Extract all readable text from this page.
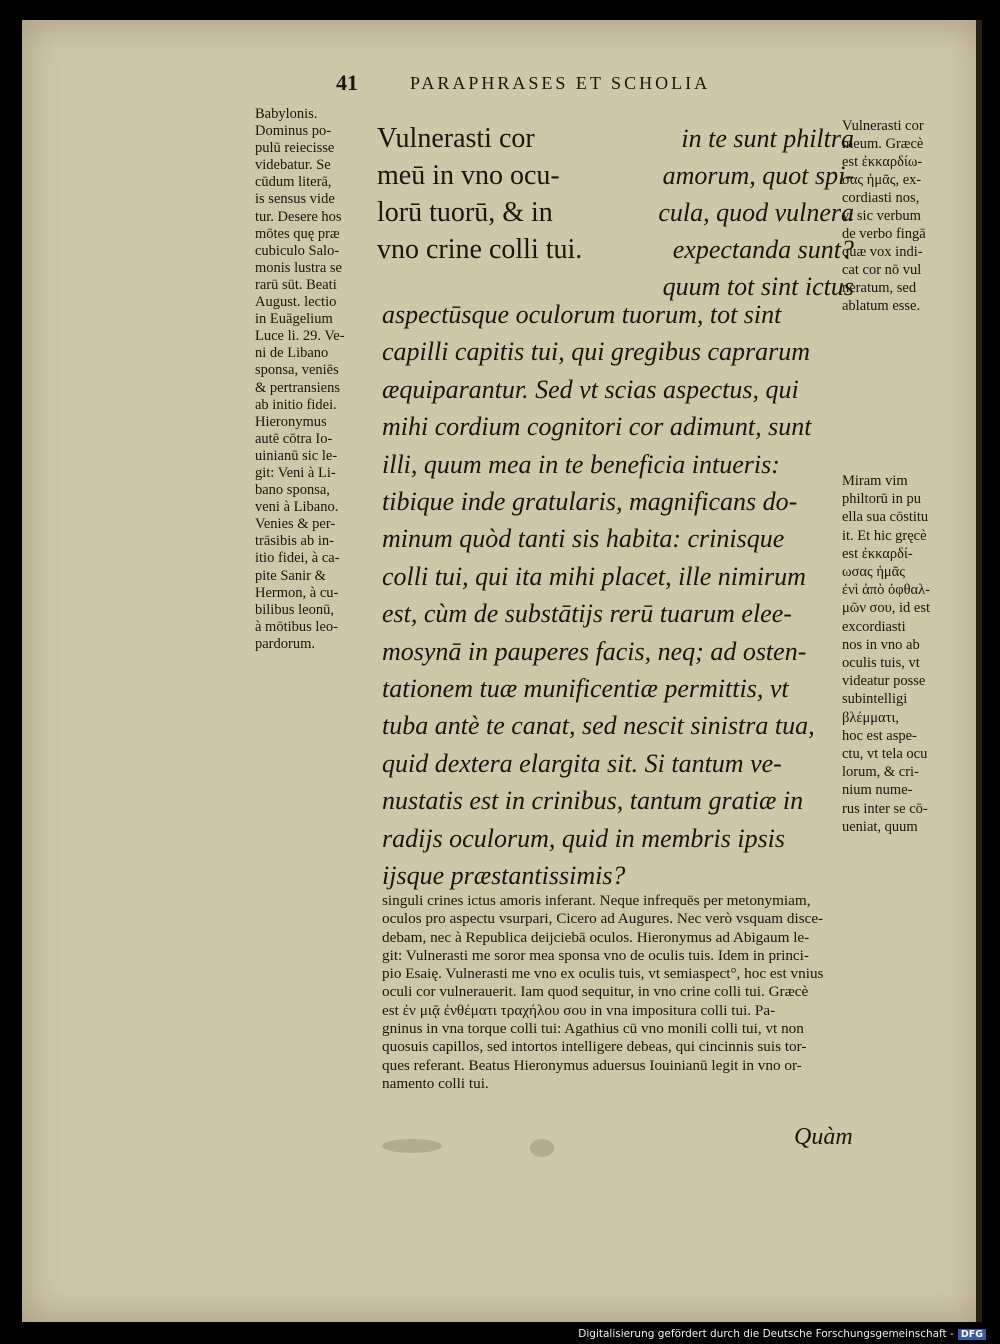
41	PARAPHRASES ET SCHOLIA
Babylonis.
Dominus po-
pulū reiecisse
videbatur. Se
cūdum literā,
is sensus vide
tur. Desere hos
mōtes quę præ
cubiculo Salo-
monis lustra se
rarū sūt. Beati
August. lectio
in Euāgelium
Luce li. 29. Ve-
ni de Libano
sponsa, veniēs
& pertransiens
ab initio fidei.
Hieronymus
autē cōtra Io-
uinianū sic le-
git: Veni à Li-
bano sponsa,
veni à Libano.
Venies & per-
trāsibis ab in-
itio fidei, à ca-
pite Sanir &
Hermon, à cu-
bilibus leonū,
à mōtibus leo-
pardorum.
Vulnerasti cor
meū in vno ocu-
lorū tuorū, & in
vno crine colli tui.
in te sunt philtra
amorum, quot spi-
cula, quod vulnera
expectanda sunt?
quum tot sint ictus
aspectūsque oculorum tuorum, tot sint
capilli capitis tui, qui gregibus caprarum
æquiparantur. Sed vt scias aspectus, qui
mihi cordium cognitori cor adimunt, sunt
illi, quum mea in te beneficia intueris:
tibique inde gratularis, magnificans do-
minum quòd tanti sis habita: crinisque
colli tui, qui ita mihi placet, ille nimirum
est, cùm de substātijs rerū tuarum elee-
mosynā in pauperes facis, neq; ad osten-
tationem tuæ munificentiæ permittis, vt
tuba antè te canat, sed nescit sinistra tua,
quid dextera elargita sit. Si tantum ve-
nustatis est in crinibus, tantum gratiæ in
radijs oculorum, quid in membris ipsis
ijsque præstantissimis?
Vulnerasti cor
meum. Græcè
est ἐκκαρδίω-
σας ἡμᾶς, ex-
cordiasti nos,
vt sic verbum
de verbo fingā
quæ vox indi-
cat cor nō vul
neratum, sed
ablatum esse.
Miram vim
philtorū in pu
ella sua cōstitu
it. Et hic gręcè
est ἐκκαρδί-
ωσας ἡμᾶς
ἐνὶ ἀπὸ ὀφθαλ-
μῶν σου, id est
excordiasti
nos in vno ab
oculis tuis, vt
videatur posse
subintelligi
βλέμματι,
hoc est aspe-
ctu, vt tela ocu
lorum, & cri-
nium nume-
rus inter se cō-
ueniat, quum
singuli crines ictus amoris inferant. Neque infrequēs per metonymiam,
oculos pro aspectu vsurpari, Cicero ad Augures. Nec verò vsquam disce-
debam, nec à Republica deijciebā oculos. Hieronymus ad Abigaum le-
git: Vulnerasti me soror mea sponsa vno de oculis tuis. Idem in princi-
pio Esaię. Vulnerasti me vno ex oculis tuis, vt semiaspect°, hoc est vnius
oculi cor vulnerauerit. Iam quod sequitur, in vno crine colli tui. Græcè
est ἐν μιᾷ ἐνθέματι τραχήλου σου in vna impositura colli tui. Pa-
gninus in vna torque colli tui: Agathius cū vno monili colli tui, vt non
quosuis capillos, sed intortos intelligere debeas, qui cincinnis suis tor-
ques referant. Beatus Hieronymus aduersus Iouinianū legit in vno or-
namento colli tui.
Quàm
Digitalisierung gefördert durch die Deutsche Forschungsgemeinschaft - DFG
